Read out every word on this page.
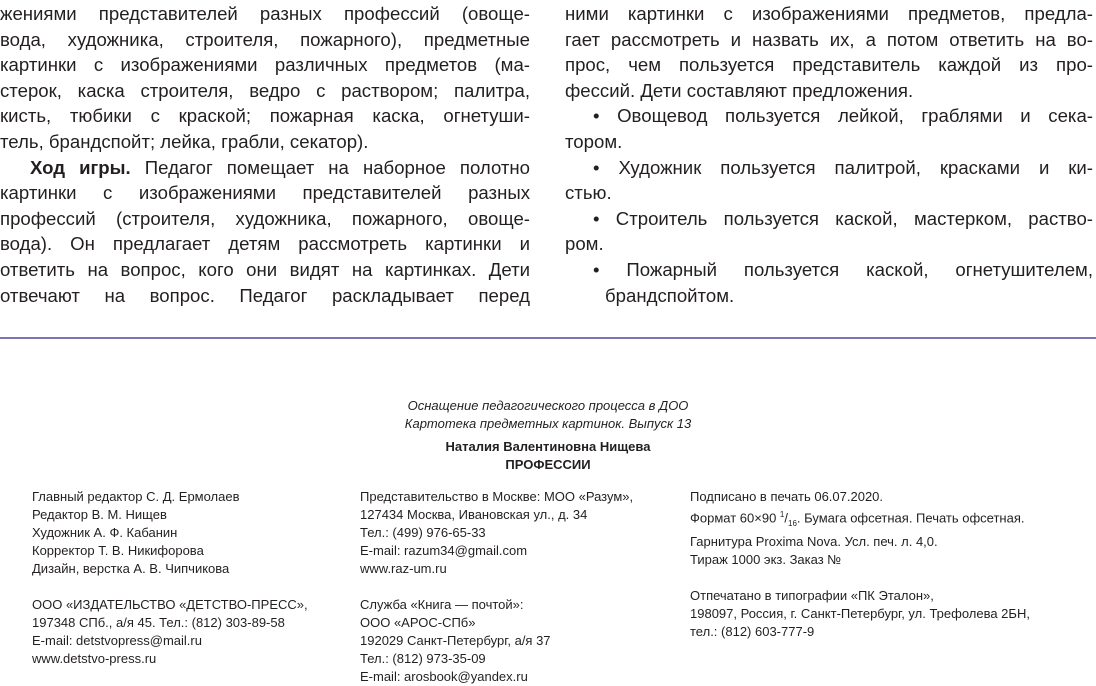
жениями представителей разных профессий (овоще-
вода, художника, строителя, пожарного), предметные
картинки с изображениями различных предметов (ма-
стерок, каска строителя, ведро с раствором; палитра,
кисть, тюбики с краской; пожарная каска, огнетуши-
тель, брандспойт; лейка, грабли, секатор).
Ход игры. Педагог помещает на наборное полотно
картинки с изображениями представителей разных
профессий (строителя, художника, пожарного, овоще-
вода). Он предлагает детям рассмотреть картинки и
ответить на вопрос, кого они видят на картинках. Дети
отвечают на вопрос. Педагог раскладывает перед
ними картинки с изображениями предметов, предла-
гает рассмотреть и назвать их, а потом ответить на во-
прос, чем пользуется представитель каждой из про-
фессий. Дети составляют предложения.
• Овощевод пользуется лейкой, граблями и сека-
тором.
• Художник пользуется палитрой, красками и ки-
стью.
• Строитель пользуется каской, мастерком, раство-
ром.
• Пожарный пользуется каской, огнетушителем,
брандспойтом.
Оснащение педагогического процесса в ДОО
Картотека предметных картинок. Выпуск 13
Наталия Валентиновна Нищева
ПРОФЕССИИ
Главный редактор С. Д. Ермолаев
Редактор В. М. Нищев
Художник А. Ф. Кабанин
Корректор Т. В. Никифорова
Дизайн, верстка А. В. Чипчикова
ООО «ИЗДАТЕЛЬСТВО «ДЕТСТВО-ПРЕСС»,
197348 СПб., а/я 45. Тел.: (812) 303-89-58
E-mail: detstvopress@mail.ru
www.detstvo-press.ru
Представительство в Москве: МОО «Разум»,
127434 Москва, Ивановская ул., д. 34
Тел.: (499) 976-65-33
E-mail: razum34@gmail.com
www.raz-um.ru
Служба «Книга — почтой»:
ООО «АРОС-СПб»
192029 Санкт-Петербург, а/я 37
Тел.: (812) 973-35-09
E-mail: arosbook@yandex.ru
Подписано в печать 06.07.2020.
Формат 60×90 $^1/_{16}$. Бумага офсетная. Печать офсетная.
Гарнитура Proxima Nova. Усл. печ. л. 4,0.
Тираж 1000 экз. Заказ №
Отпечатано в типографии «ПК Эталон»,
198097, Россия, г. Санкт-Петербург, ул. Трефолева 2БН,
тел.: (812) 603-777-9
